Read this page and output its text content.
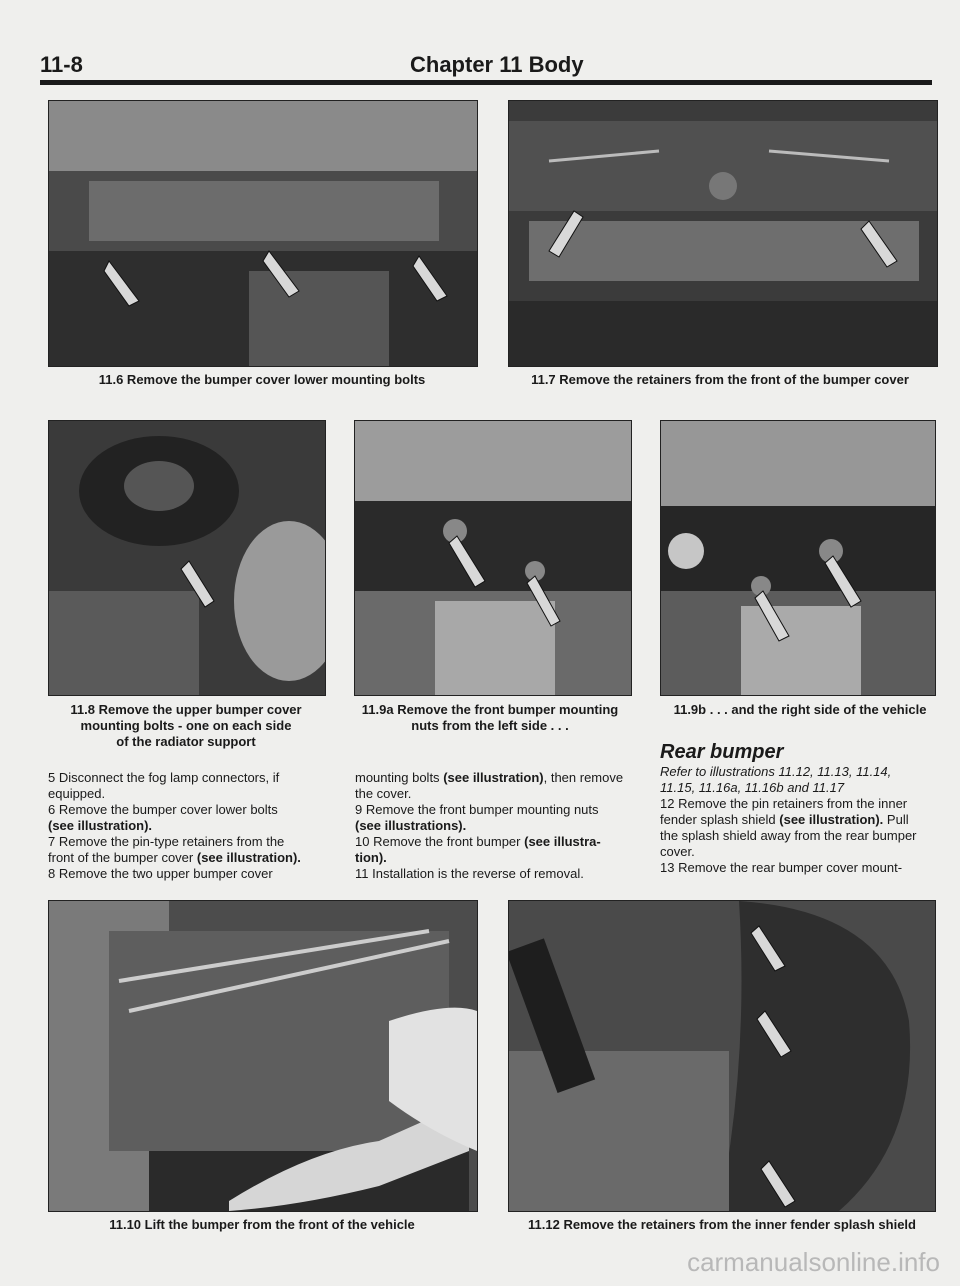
11-8	Chapter 11 Body
11.6 Remove the bumper cover lower mounting bolts	11.7 Remove the retainers from the front of the bumper cover
11.8 Remove the upper bumper cover
mounting bolts - one on each side
of the radiator support
11.9a Remove the front bumper mounting
nuts from the left side . . .
11.9b . . . and the right side of the vehicle

5 Disconnect the fog lamp connectors, if

equipped.

6 Remove the bumper cover lower bolts

(see illustration).

7 Remove the pin-type retainers from the

front of the bumper cover (see illustration).

8 Remove the two upper bumper cover

mounting bolts (see illustration), then remove

the cover.

9 Remove the front bumper mounting nuts

(see illustrations).

10 Remove the front bumper (see illustra-

tion).

11 Installation is the reverse of removal.

Rear bumper

Refer to illustrations 11.12, 11.13, 11.14,

11.15, 11.16a, 11.16b and 11.17

12 Remove the pin retainers from the inner

fender splash shield (see illustration). Pull

the splash shield away from the rear bumper

cover.

13 Remove the rear bumper cover mount-

11.10 Lift the bumper from the front of the vehicle	11.12 Remove the retainers from the inner fender splash shield
carmanualsonline.info
